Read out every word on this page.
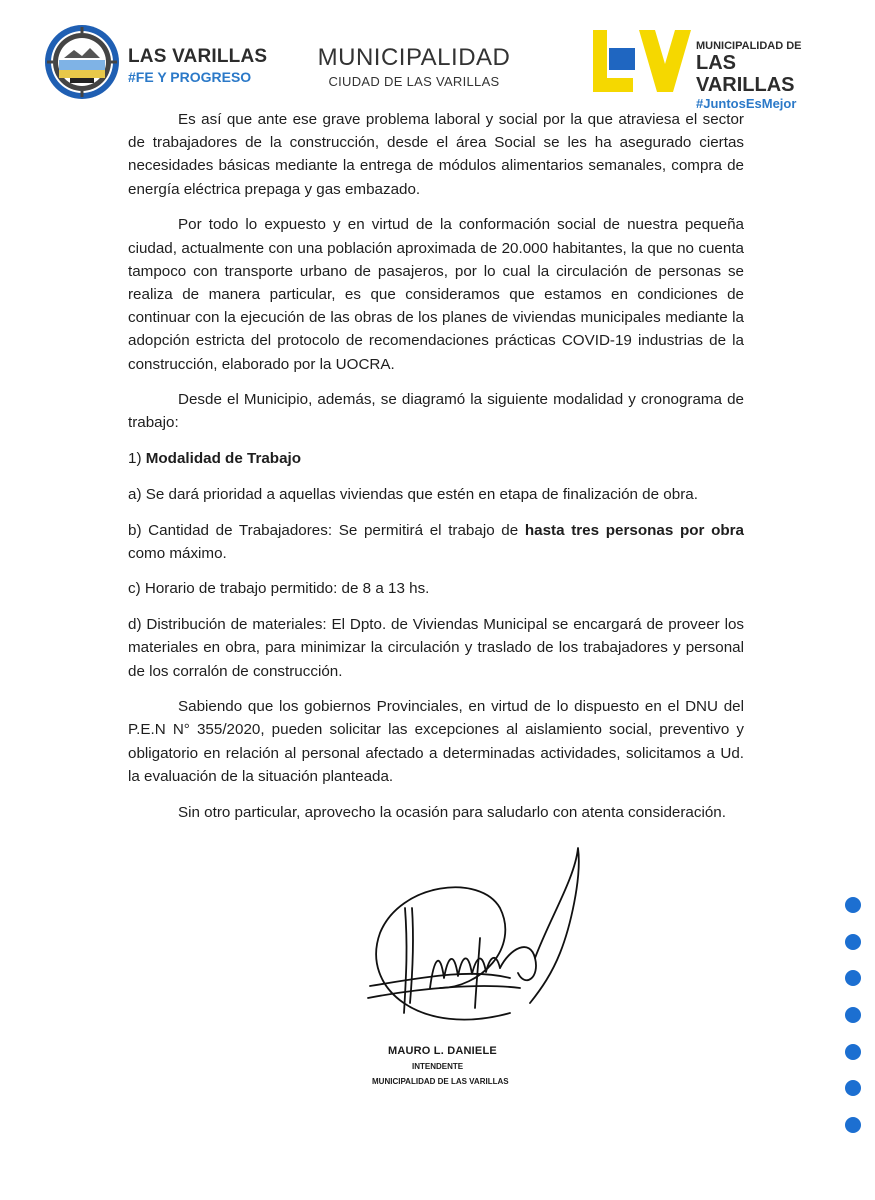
LAS VARILLAS
#FE Y PROGRESO
MUNICIPALIDAD
CIUDAD DE LAS VARILLAS
MUNICIPALIDAD DE
LAS VARILLAS
#JuntosEsMejor

Es así que ante ese grave problema laboral y social por la que atraviesa el sector de trabajadores de la construcción, desde el área Social se les ha asegurado ciertas necesidades básicas mediante la entrega de módulos alimentarios semanales, compra de energía eléctrica prepaga y gas embazado.

Por todo lo expuesto y en virtud de la conformación social de nuestra pequeña ciudad, actualmente con una población aproximada de 20.000 habitantes, la que no cuenta tampoco con transporte urbano de pasajeros, por lo cual la circulación de personas se realiza de manera particular, es que consideramos que estamos en condiciones de continuar con la ejecución de las obras de los planes de viviendas municipales mediante la adopción estricta del protocolo de recomendaciones prácticas COVID-19 industrias de la construcción, elaborado por la UOCRA.

Desde el Municipio, además, se diagramó la siguiente modalidad y cronograma de trabajo:

1) Modalidad de Trabajo

a) Se dará prioridad a aquellas viviendas que estén en etapa de finalización de obra.

b) Cantidad de Trabajadores: Se permitirá el trabajo de hasta tres personas por obra como máximo.

c) Horario de trabajo permitido: de 8 a 13 hs.

d) Distribución de materiales: El Dpto. de Viviendas Municipal se encargará de proveer los materiales en obra, para minimizar la circulación y traslado de los trabajadores y personal de los corralón de construcción.

Sabiendo que los gobiernos Provinciales, en virtud de lo dispuesto en el DNU del P.E.N N° 355/2020, pueden solicitar las excepciones al aislamiento social, preventivo y obligatorio en relación al personal afectado a determinadas actividades, solicitamos a Ud. la evaluación de la situación planteada.

Sin otro particular, aprovecho la ocasión para saludarlo con atenta consideración.

MAURO L. DANIELE
INTENDENTE
MUNICIPALIDAD DE LAS VARILLAS
